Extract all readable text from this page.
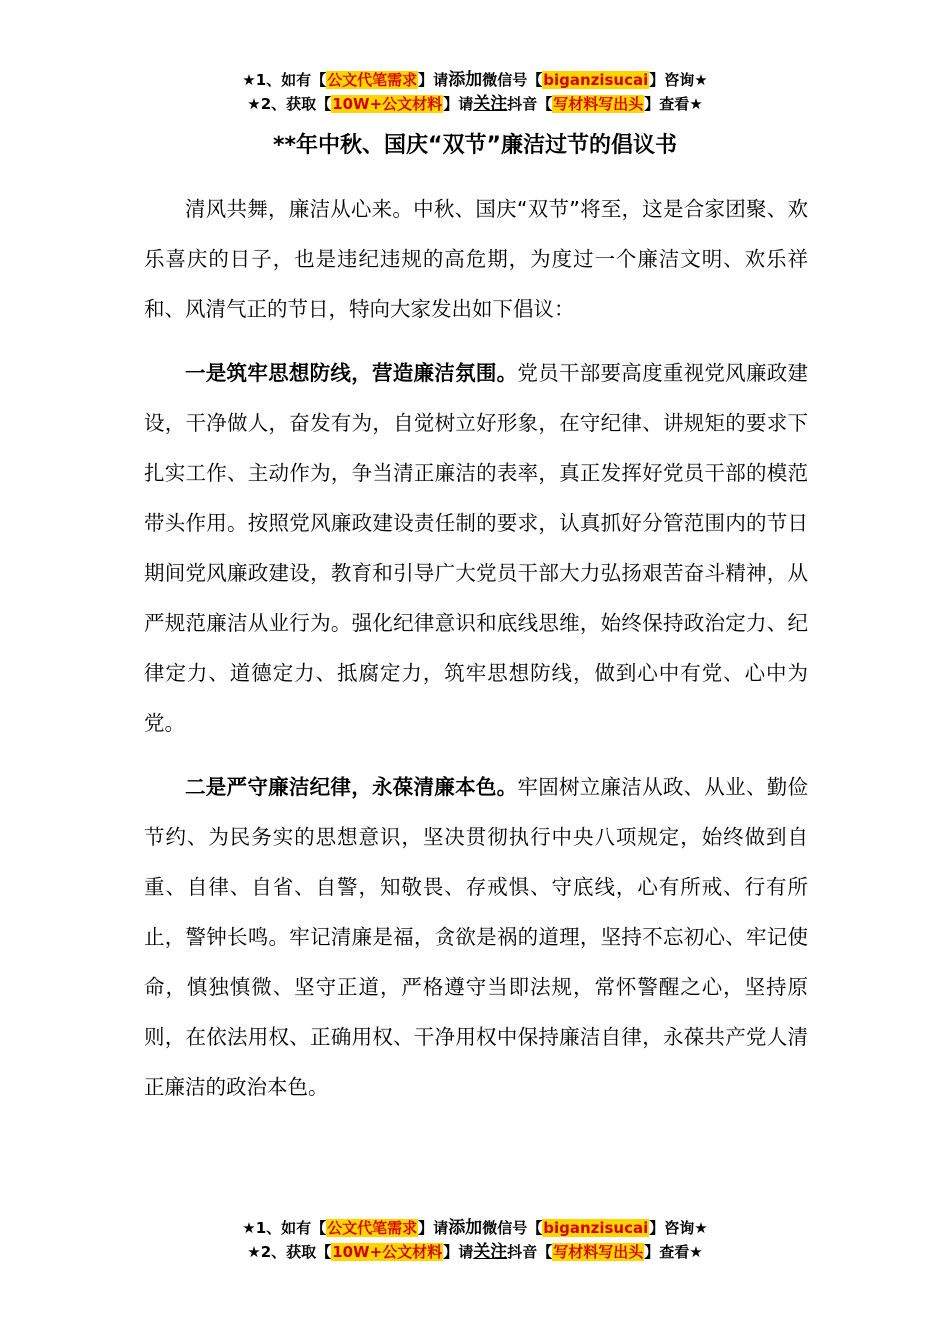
★1、如有【公文代笔需求】请添加微信号【biganzisucai】咨询★
★2、获取【10W+公文材料】请关注抖音【写材料写出头】查看★
**年中秋、国庆“双节”廉洁过节的倡议书

清风共舞，廉洁从心来。中秋、国庆“双节”将至，这是合家团聚、欢乐喜庆的日子，也是违纪违规的高危期，为度过一个廉洁文明、欢乐祥和、风清气正的节日，特向大家发出如下倡议：

一是筑牢思想防线，营造廉洁氛围。党员干部要高度重视党风廉政建设，干净做人，奋发有为，自觉树立好形象，在守纪律、讲规矩的要求下扎实工作、主动作为，争当清正廉洁的表率，真正发挥好党员干部的模范带头作用。按照党风廉政建设责任制的要求，认真抓好分管范围内的节日期间党风廉政建设，教育和引导广大党员干部大力弘扬艰苦奋斗精神，从严规范廉洁从业行为。强化纪律意识和底线思维，始终保持政治定力、纪律定力、道德定力、抵腐定力，筑牢思想防线，做到心中有党、心中为党。

二是严守廉洁纪律，永葆清廉本色。牢固树立廉洁从政、从业、勤俭节约、为民务实的思想意识，坚决贯彻执行中央八项规定，始终做到自重、自律、自省、自警，知敬畏、存戒惧、守底线，心有所戒、行有所止，警钟长鸣。牢记清廉是福，贪欲是祸的道理，坚持不忘初心、牢记使命，慎独慎微、坚守正道，严格遵守当即法规，常怀警醒之心，坚持原则，在依法用权、正确用权、干净用权中保持廉洁自律，永葆共产党人清正廉洁的政治本色。

★1、如有【公文代笔需求】请添加微信号【biganzisucai】咨询★
★2、获取【10W+公文材料】请关注抖音【写材料写出头】查看★
